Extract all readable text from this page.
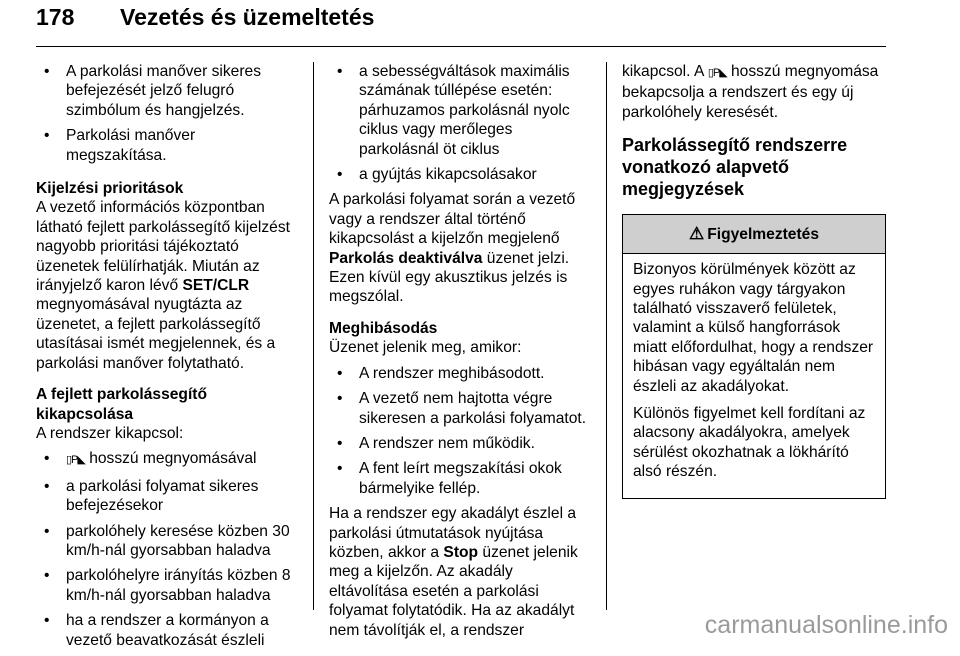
178	Vezetés és üzemeltetés
• A parkolási manőver sikeres befejezését jelző felugró szimbólum és hangjelzés.
• Parkolási manőver megszakítása.
Kijelzési prioritások

A vezető információs központban látható fejlett parkolássegítő kijelzést nagyobb prioritási tájékoztató üzenetek felülírhatják. Miután az irányjelző karon lévő SET/CLR megnyomásával nyugtázta az üzenetet, a fejlett parkolássegítő utasításai ismét megjelennek, és a parkolási manőver folytatható.

A fejlett parkolássegítő kikapcsolása
A rendszer kikapcsol:
• ▯P◣ hosszú megnyomásával
• a parkolási folyamat sikeres befejezésekor
• parkolóhely keresése közben 30 km/h-nál gyorsabban haladva
• parkolóhelyre irányítás közben 8 km/h-nál gyorsabban haladva
• ha a rendszer a kormányon a vezető beavatkozását észleli
• a sebességváltások maximális számának túllépése esetén: párhuzamos parkolásnál nyolc ciklus vagy merőleges parkolásnál öt ciklus
• a gyújtás kikapcsolásakor

A parkolási folyamat során a vezető vagy a rendszer által történő kikapcsolást a kijelzőn megjelenő Parkolás deaktiválva üzenet jelzi. Ezen kívül egy akusztikus jelzés is megszólal.

Meghibásodás
Üzenet jelenik meg, amikor:
• A rendszer meghibásodott.
• A vezető nem hajtotta végre sikeresen a parkolási folyamatot.
• A rendszer nem működik.
• A fent leírt megszakítási okok bármelyike fellép.

Ha a rendszer egy akadályt észlel a parkolási útmutatások nyújtása közben, akkor a Stop üzenet jelenik meg a kijelzőn. Az akadály eltávolítása esetén a parkolási folyamat folytatódik. Ha az akadályt nem távolítják el, a rendszer

kikapcsol. A ▯P◣ hosszú megnyomása bekapcsolja a rendszert és egy új parkolóhely keresését.

Parkolássegítő rendszerre vonatkozó alapvető megjegyzések
⚠ Figyelmeztetés

Bizonyos körülmények között az egyes ruhákon vagy tárgyakon található visszaverő felületek, valamint a külső hangforrások miatt előfordulhat, hogy a rendszer hibásan vagy egyáltalán nem észleli az akadályokat.

Különös figyelmet kell fordítani az alacsony akadályokra, amelyek sérülést okozhatnak a lökhárító alsó részén.

carmanualsonline.info
